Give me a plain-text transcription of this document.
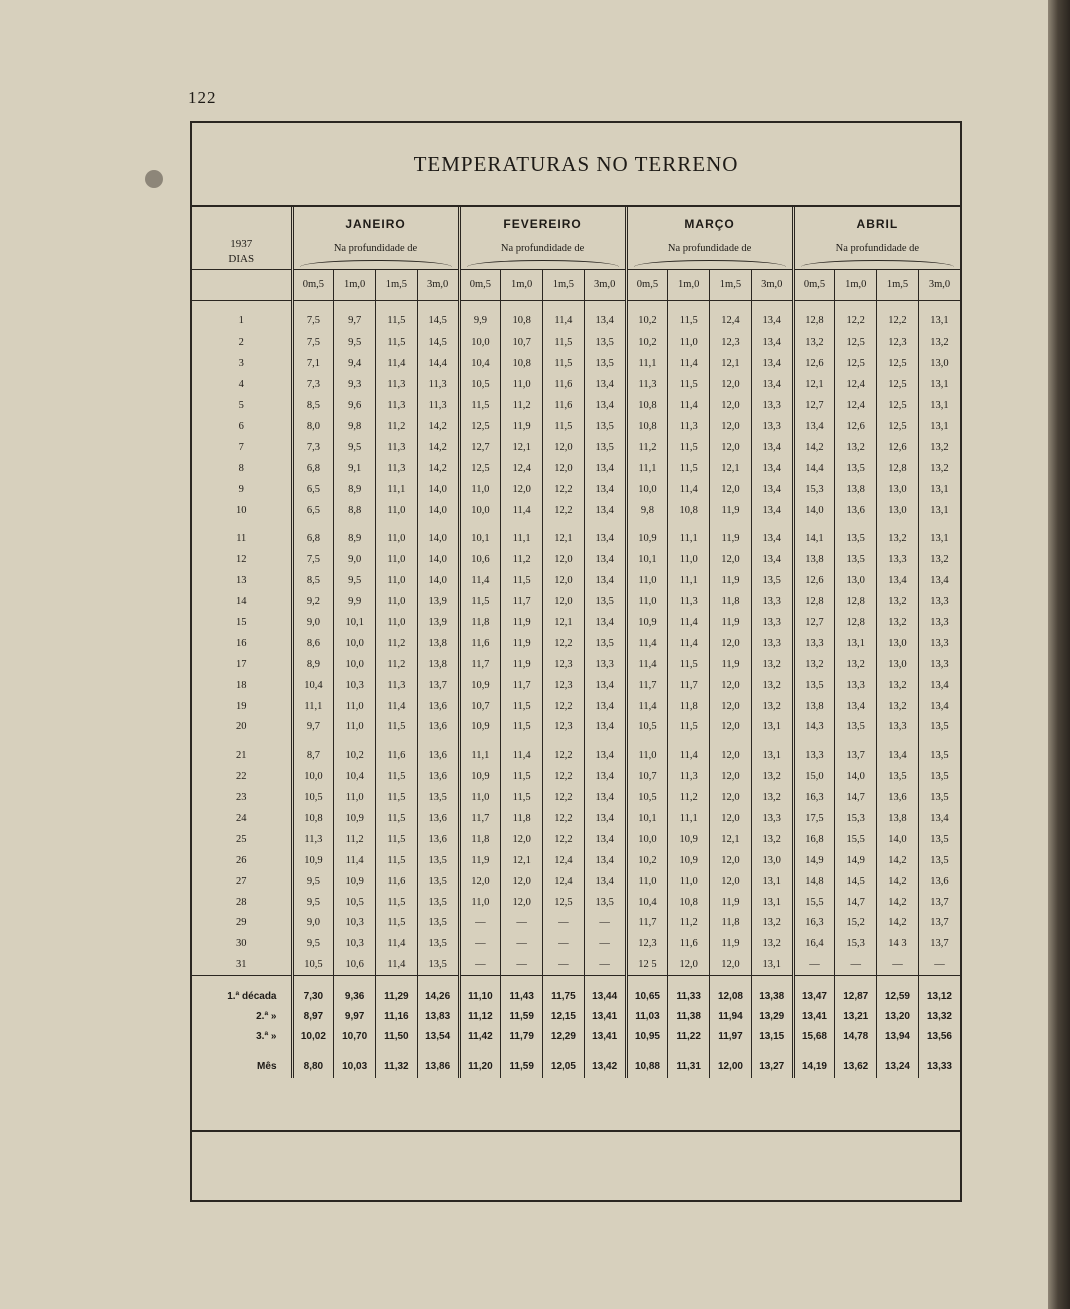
122
TEMPERATURAS NO TERRENO
1937
DIAS	JANEIRO				FEVEREIRO				MARÇO				ABRIL			
	Na profundidade de				Na profundidade de				Na profundidade de				Na profundidade de			

	0m,5	1m,0	1m,5	3m,0	0m,5	1m,0	1m,5	3m,0	0m,5	1m,0	1m,5	3m,0	0m,5	1m,0	1m,5	3m,0
1	7,5	9,7	11,5	14,5	9,9	10,8	11,4	13,4	10,2	11,5	12,4	13,4	12,8	12,2	12,2	13,1
2	7,5	9,5	11,5	14,5	10,0	10,7	11,5	13,5	10,2	11,0	12,3	13,4	13,2	12,5	12,3	13,2
3	7,1	9,4	11,4	14,4	10,4	10,8	11,5	13,5	11,1	11,4	12,1	13,4	12,6	12,5	12,5	13,0
4	7,3	9,3	11,3	11,3	10,5	11,0	11,6	13,4	11,3	11,5	12,0	13,4	12,1	12,4	12,5	13,1
5	8,5	9,6	11,3	11,3	11,5	11,2	11,6	13,4	10,8	11,4	12,0	13,3	12,7	12,4	12,5	13,1
6	8,0	9,8	11,2	14,2	12,5	11,9	11,5	13,5	10,8	11,3	12,0	13,3	13,4	12,6	12,5	13,1
7	7,3	9,5	11,3	14,2	12,7	12,1	12,0	13,5	11,2	11,5	12,0	13,4	14,2	13,2	12,6	13,2
8	6,8	9,1	11,3	14,2	12,5	12,4	12,0	13,4	11,1	11,5	12,1	13,4	14,4	13,5	12,8	13,2
9	6,5	8,9	11,1	14,0	11,0	12,0	12,2	13,4	10,0	11,4	12,0	13,4	15,3	13,8	13,0	13,1
10	6,5	8,8	11,0	14,0	10,0	11,4	12,2	13,4	9,8	10,8	11,9	13,4	14,0	13,6	13,0	13,1

11	6,8	8,9	11,0	14,0	10,1	11,1	12,1	13,4	10,9	11,1	11,9	13,4	14,1	13,5	13,2	13,1
12	7,5	9,0	11,0	14,0	10,6	11,2	12,0	13,4	10,1	11,0	12,0	13,4	13,8	13,5	13,3	13,2
13	8,5	9,5	11,0	14,0	11,4	11,5	12,0	13,4	11,0	11,1	11,9	13,5	12,6	13,0	13,4	13,4
14	9,2	9,9	11,0	13,9	11,5	11,7	12,0	13,5	11,0	11,3	11,8	13,3	12,8	12,8	13,2	13,3
15	9,0	10,1	11,0	13,9	11,8	11,9	12,1	13,4	10,9	11,4	11,9	13,3	12,7	12,8	13,2	13,3
16	8,6	10,0	11,2	13,8	11,6	11,9	12,2	13,5	11,4	11,4	12,0	13,3	13,3	13,1	13,0	13,3
17	8,9	10,0	11,2	13,8	11,7	11,9	12,3	13,3	11,4	11,5	11,9	13,2	13,2	13,2	13,0	13,3
18	10,4	10,3	11,3	13,7	10,9	11,7	12,3	13,4	11,7	11,7	12,0	13,2	13,5	13,3	13,2	13,4
19	11,1	11,0	11,4	13,6	10,7	11,5	12,2	13,4	11,4	11,8	12,0	13,2	13,8	13,4	13,2	13,4
20	9,7	11,0	11,5	13,6	10,9	11,5	12,3	13,4	10,5	11,5	12,0	13,1	14,3	13,5	13,3	13,5

21	8,7	10,2	11,6	13,6	11,1	11,4	12,2	13,4	11,0	11,4	12,0	13,1	13,3	13,7	13,4	13,5
22	10,0	10,4	11,5	13,6	10,9	11,5	12,2	13,4	10,7	11,3	12,0	13,2	15,0	14,0	13,5	13,5
23	10,5	11,0	11,5	13,5	11,0	11,5	12,2	13,4	10,5	11,2	12,0	13,2	16,3	14,7	13,6	13,5
24	10,8	10,9	11,5	13,6	11,7	11,8	12,2	13,4	10,1	11,1	12,0	13,3	17,5	15,3	13,8	13,4
25	11,3	11,2	11,5	13,6	11,8	12,0	12,2	13,4	10,0	10,9	12,1	13,2	16,8	15,5	14,0	13,5
26	10,9	11,4	11,5	13,5	11,9	12,1	12,4	13,4	10,2	10,9	12,0	13,0	14,9	14,9	14,2	13,5
27	9,5	10,9	11,6	13,5	12,0	12,0	12,4	13,4	11,0	11,0	12,0	13,1	14,8	14,5	14,2	13,6
28	9,5	10,5	11,5	13,5	11,0	12,0	12,5	13,5	10,4	10,8	11,9	13,1	15,5	14,7	14,2	13,7
29	9,0	10,3	11,5	13,5	—	—	—	—	11,7	11,2	11,8	13,2	16,3	15,2	14,2	13,7
30	9,5	10,3	11,4	13,5	—	—	—	—	12,3	11,6	11,9	13,2	16,4	15,3	14 3	13,7
31	10,5	10,6	11,4	13,5	—	—	—	—	12 5	12,0	12,0	13,1	—	—	—	—

1.ª década	7,30	9,36	11,29	14,26	11,10	11,43	11,75	13,44	10,65	11,33	12,08	13,38	13,47	12,87	12,59	13,12
2.ª »	8,97	9,97	11,16	13,83	11,12	11,59	12,15	13,41	11,03	11,38	11,94	13,29	13,41	13,21	13,20	13,32
3.ª »	10,02	10,70	11,50	13,54	11,42	11,79	12,29	13,41	10,95	11,22	11,97	13,15	15,68	14,78	13,94	13,56
Mês	8,80	10,03	11,32	13,86	11,20	11,59	12,05	13,42	10,88	11,31	12,00	13,27	14,19	13,62	13,24	13,33
